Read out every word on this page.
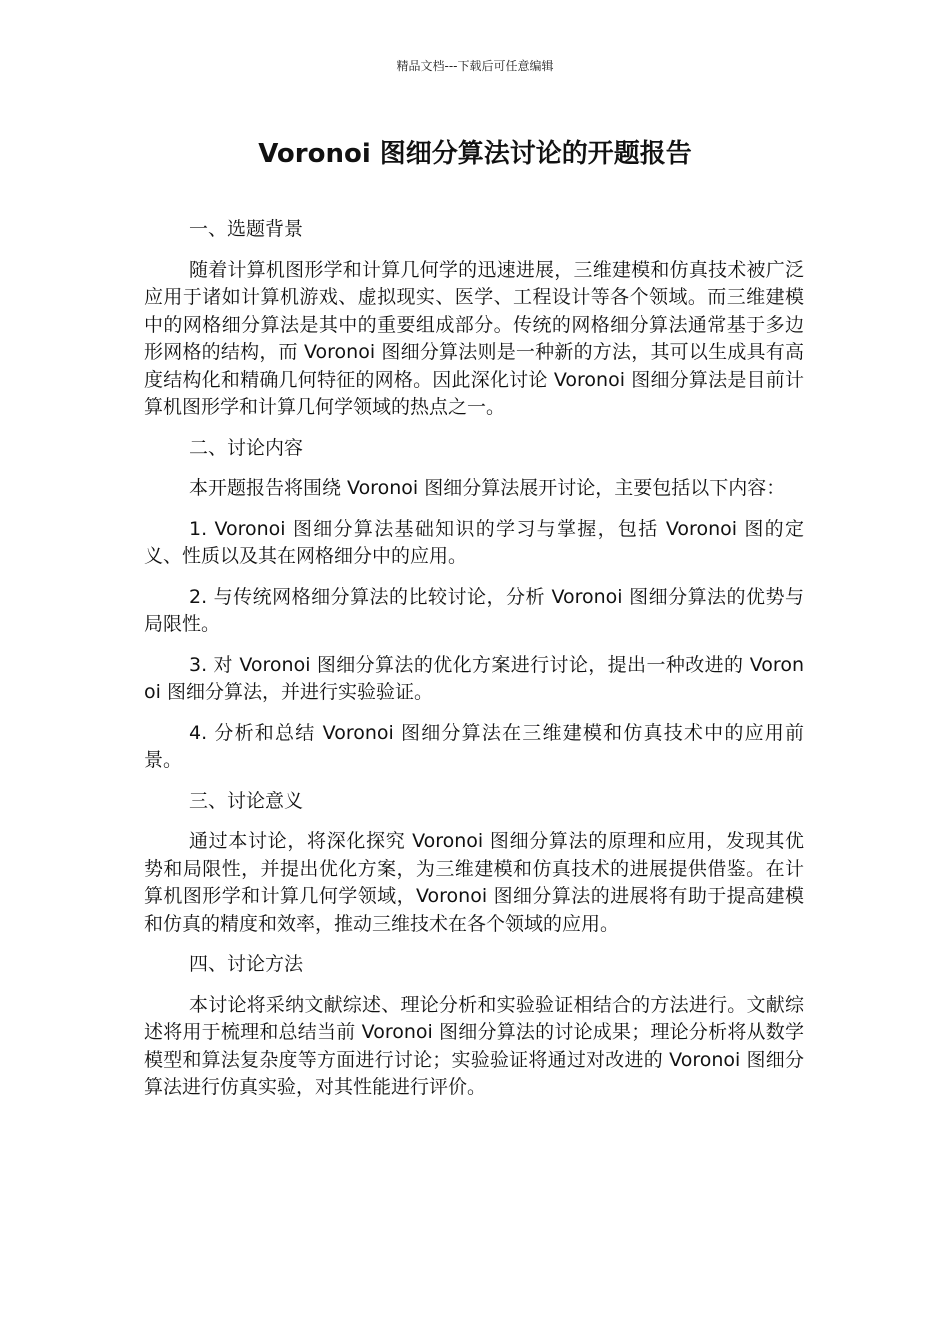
精品文档---下载后可任意编辑
Voronoi 图细分算法讨论的开题报告

一、选题背景

随着计算机图形学和计算几何学的迅速进展，三维建模和仿真技术被广泛应用于诸如计算机游戏、虚拟现实、医学、工程设计等各个领域。而三维建模中的网格细分算法是其中的重要组成部分。传统的网格细分算法通常基于多边形网格的结构，而 Voronoi 图细分算法则是一种新的方法，其可以生成具有高度结构化和精确几何特征的网格。因此深化讨论 Voronoi 图细分算法是目前计算机图形学和计算几何学领域的热点之一。

二、讨论内容

本开题报告将围绕 Voronoi 图细分算法展开讨论，主要包括以下内容：

1. Voronoi 图细分算法基础知识的学习与掌握，包括 Voronoi 图的定义、性质以及其在网格细分中的应用。

2. 与传统网格细分算法的比较讨论，分析 Voronoi 图细分算法的优势与局限性。

3. 对 Voronoi 图细分算法的优化方案进行讨论，提出一种改进的 Voronoi 图细分算法，并进行实验验证。

4. 分析和总结 Voronoi 图细分算法在三维建模和仿真技术中的应用前景。

三、讨论意义

通过本讨论，将深化探究 Voronoi 图细分算法的原理和应用，发现其优势和局限性，并提出优化方案，为三维建模和仿真技术的进展提供借鉴。在计算机图形学和计算几何学领域，Voronoi 图细分算法的进展将有助于提高建模和仿真的精度和效率，推动三维技术在各个领域的应用。

四、讨论方法

本讨论将采纳文献综述、理论分析和实验验证相结合的方法进行。文献综述将用于梳理和总结当前 Voronoi 图细分算法的讨论成果；理论分析将从数学模型和算法复杂度等方面进行讨论；实验验证将通过对改进的 Voronoi 图细分算法进行仿真实验，对其性能进行评价。
